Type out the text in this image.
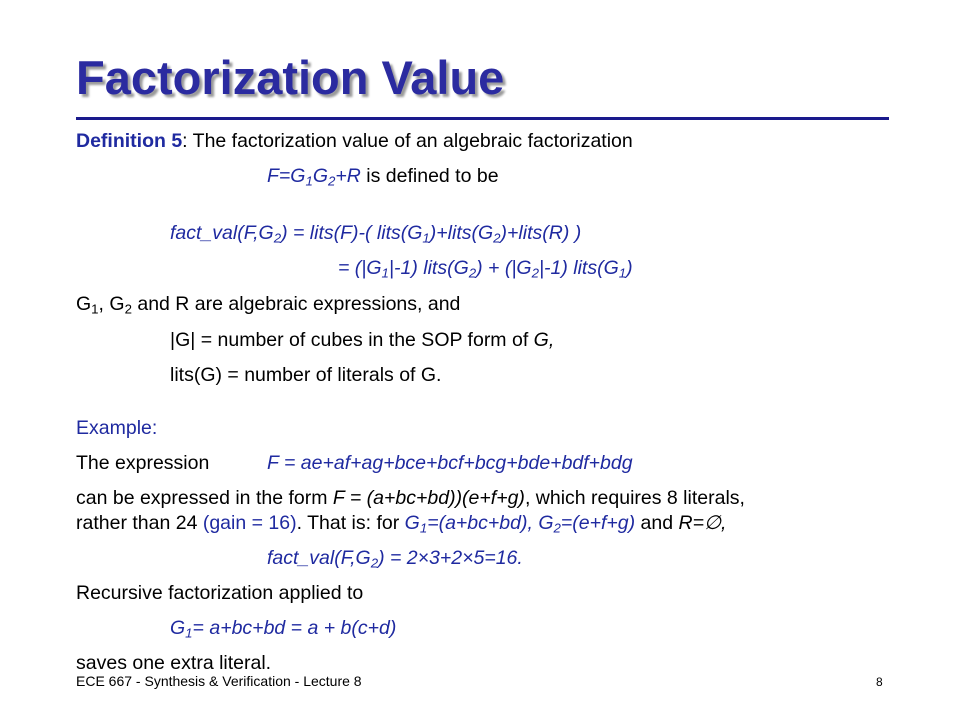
Factorization Value
Definition 5: The factorization value of an algebraic factorization
$F=G_1G_2+R$ is defined to be
$fact\_val(F,G_2)$ = lits(F)-( $lits(G_1)+lits(G_2)+lits(R)$ )
= $(|G_1|-1)$ $lits(G_2) + (|G_2|-1)$ $lits(G_1)$
$G_1$, $G_2$ and R are algebraic expressions, and
|G| = number of cubes in the SOP form of G,
lits(G) = number of literals of G.
Example:
The expression	F = ae+af+ag+bce+bcf+bcg+bde+bdf+bdg
can be expressed in the form F = (a+bc+bd))(e+f+g), which requires 8 literals,
rather than 24 (gain = 16). That is: for $G_1=(a+bc+bd)$, $G_2=(e+f+g)$ and R=∅,
$fact\_val(F,G_2) = 2\times 3+2\times 5=16$.
Recursive factorization applied to
$G_1= a+bc+bd = a + b(c+d)$
saves one extra literal.
ECE 667 - Synthesis & Verification - Lecture 8	8
